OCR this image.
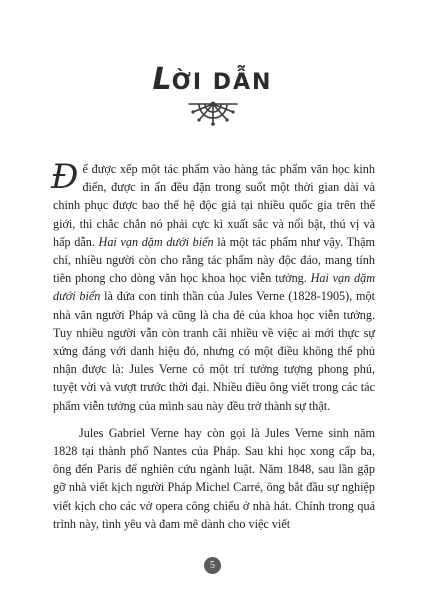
LỜI DẪN

Để được xếp một tác phẩm vào hàng tác phẩm văn học kinh điển, được in ấn đều đặn trong suốt một thời gian dài và chinh phục được bao thế hệ độc giả tại nhiều quốc gia trên thế giới, thì chắc chắn nó phải cực kì xuất sắc và nổi bật, thú vị và hấp dẫn. Hai vạn dặm dưới biển là một tác phẩm như vậy. Thậm chí, nhiều người còn cho rằng tác phẩm này độc đáo, mang tính tiên phong cho dòng văn học khoa học viễn tưởng. Hai vạn dặm dưới biển là đứa con tinh thần của Jules Verne (1828-1905), một nhà văn người Pháp và cũng là cha đẻ của khoa học viễn tưởng. Tuy nhiều người vẫn còn tranh cãi nhiều về việc ai mới thực sự xứng đáng với danh hiệu đó, nhưng có một điều không thể phủ nhận được là: Jules Verne có một trí tưởng tượng phong phú, tuyệt vời và vượt trước thời đại. Nhiều điều ông viết trong các tác phẩm viễn tưởng của mình sau này đều trở thành sự thật.

Jules Gabriel Verne hay còn gọi là Jules Verne sinh năm 1828 tại thành phố Nantes của Pháp. Sau khi học xong cấp ba, ông đến Paris để nghiên cứu ngành luật. Năm 1848, sau lần gặp gỡ nhà viết kịch người Pháp Michel Carré, ông bắt đầu sự nghiệp viết kịch cho các vở opera công chiếu ở nhà hát. Chính trong quá trình này, tình yêu và đam mê dành cho việc viết

5
